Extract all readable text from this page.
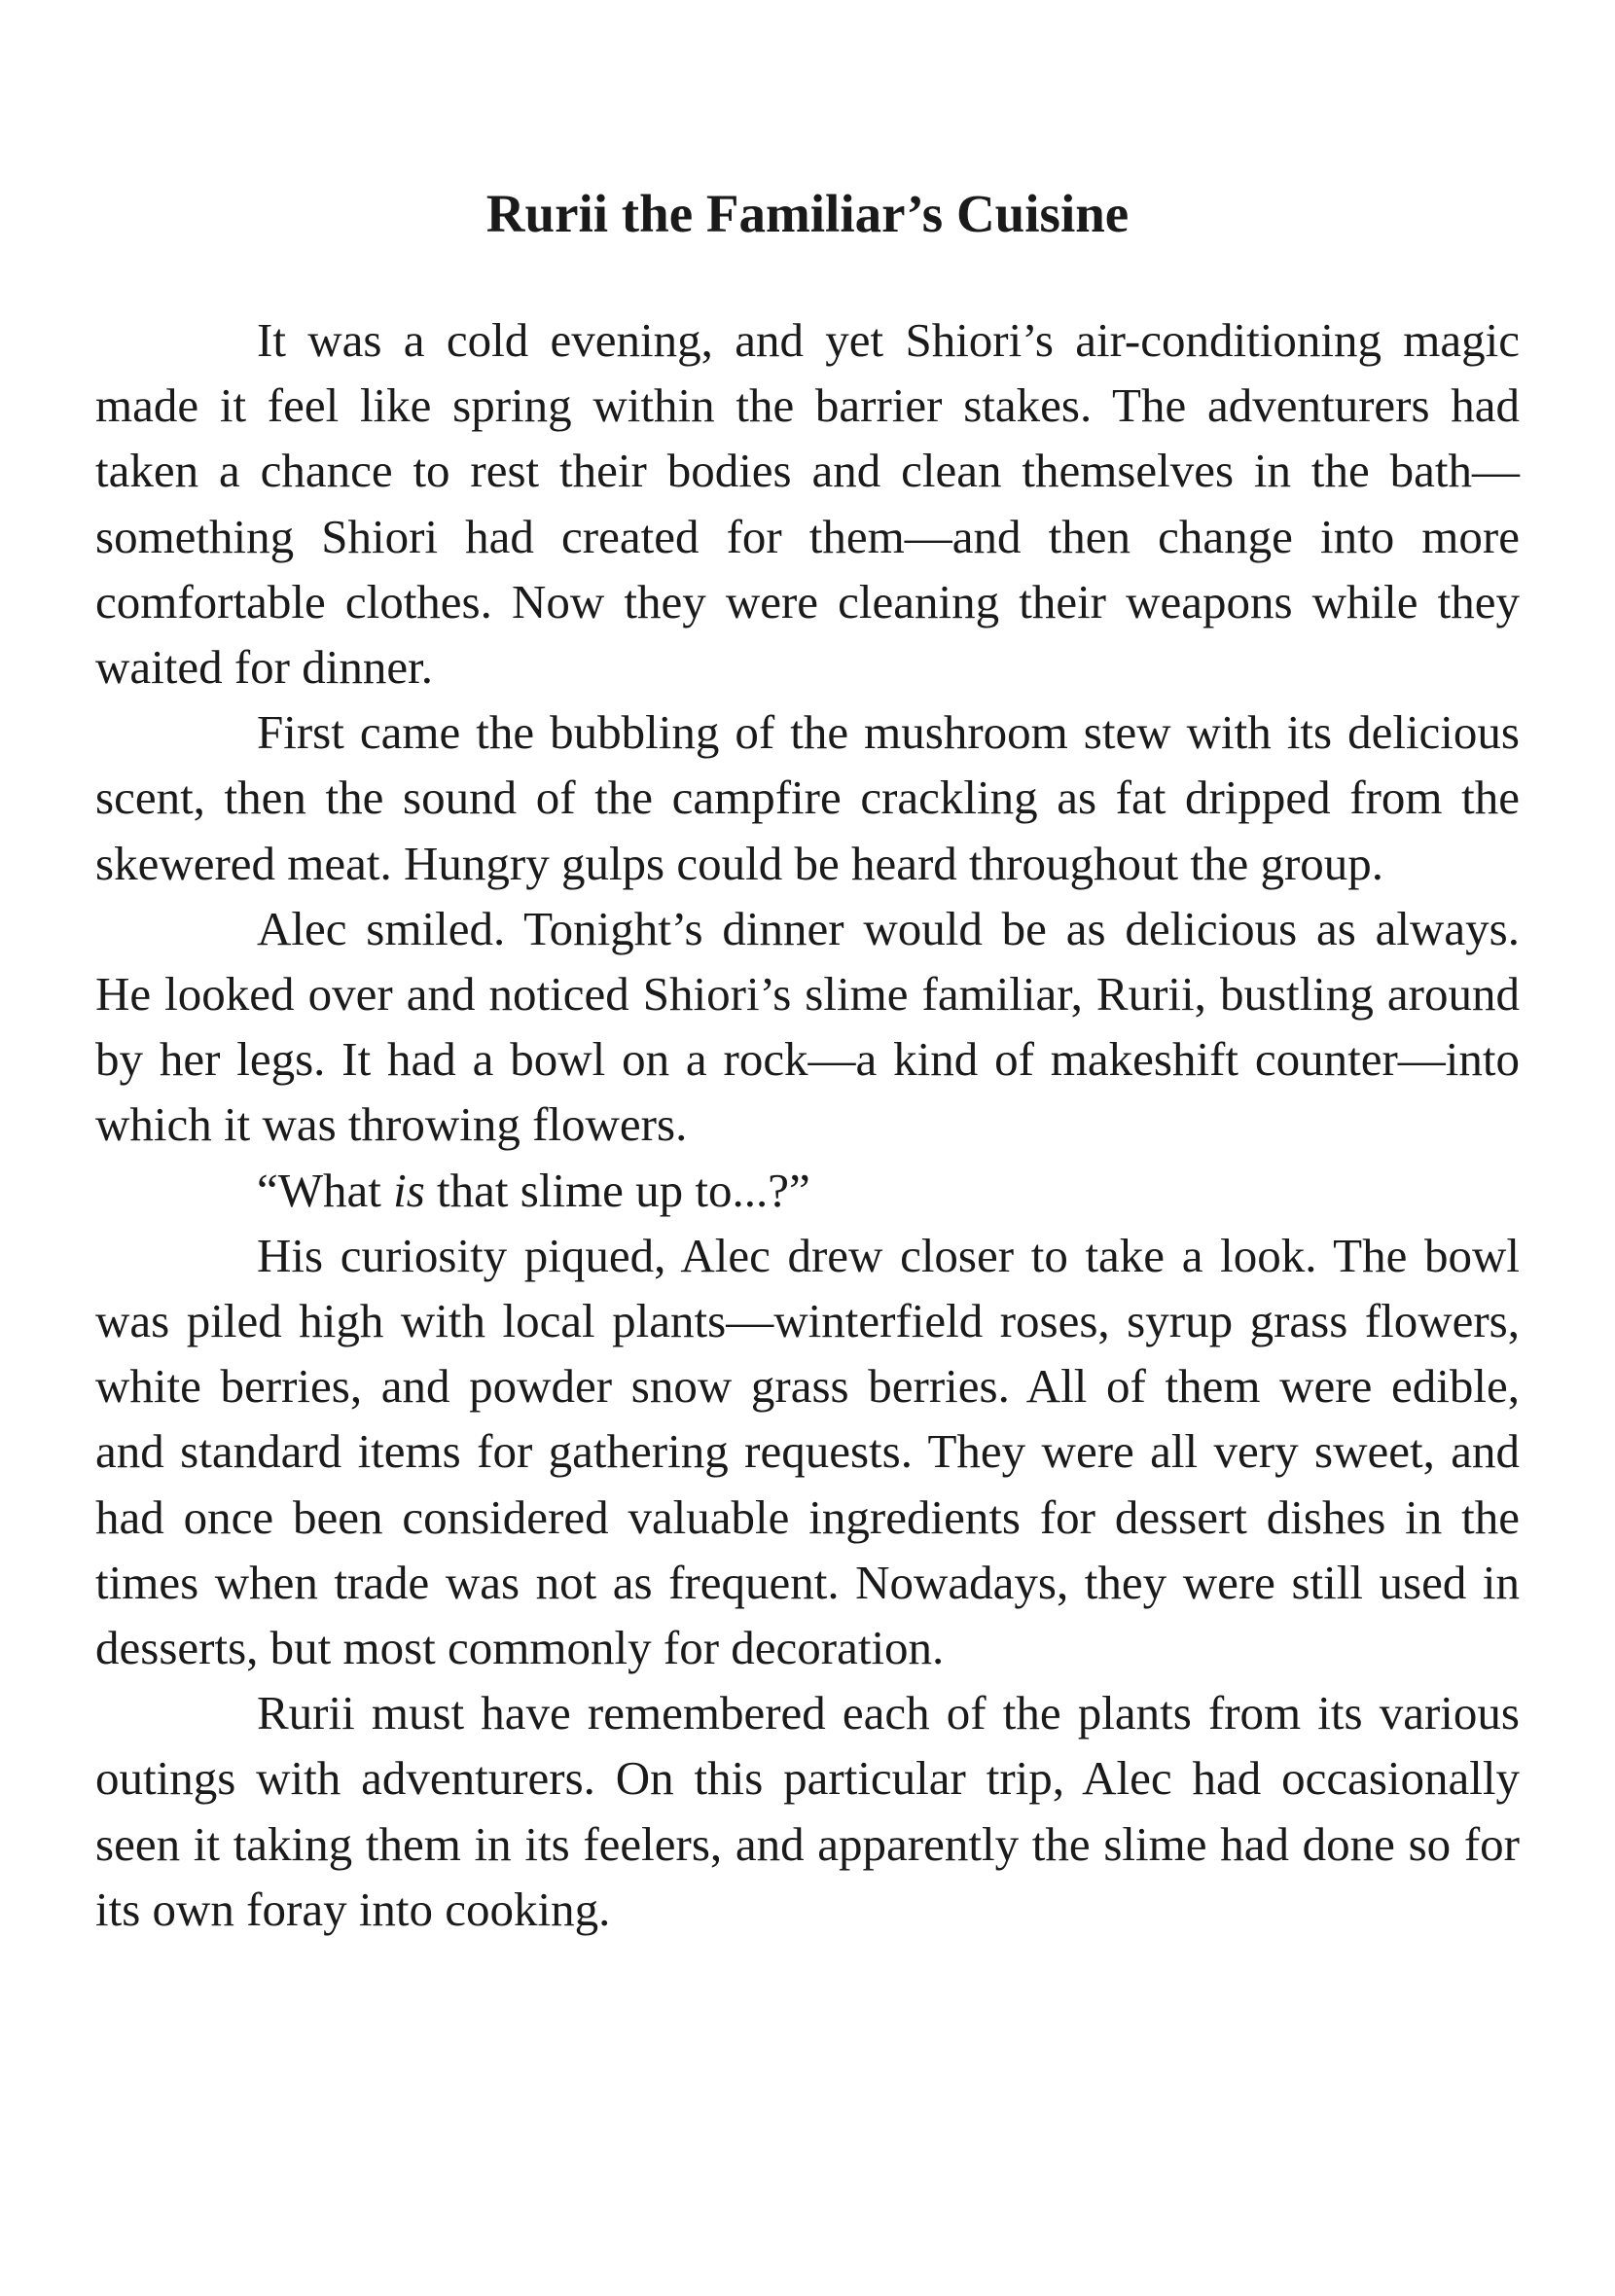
Rurii the Familiar’s Cuisine

It was a cold evening, and yet Shiori’s air-conditioning magic made it feel like spring within the barrier stakes. The adventurers had taken a chance to rest their bodies and clean themselves in the bath—something Shiori had created for them—and then change into more comfortable clothes. Now they were cleaning their weapons while they waited for dinner.

First came the bubbling of the mushroom stew with its delicious scent, then the sound of the campfire crackling as fat dripped from the skewered meat. Hungry gulps could be heard throughout the group.

Alec smiled. Tonight’s dinner would be as delicious as always. He looked over and noticed Shiori’s slime familiar, Rurii, bustling around by her legs. It had a bowl on a rock—a kind of makeshift counter—into which it was throwing flowers.

“What is that slime up to...?”

His curiosity piqued, Alec drew closer to take a look. The bowl was piled high with local plants—winterfield roses, syrup grass flowers, white berries, and powder snow grass berries. All of them were edible, and standard items for gathering requests. They were all very sweet, and had once been considered valuable ingredients for dessert dishes in the times when trade was not as frequent. Nowadays, they were still used in desserts, but most commonly for decoration.

Rurii must have remembered each of the plants from its various outings with adventurers. On this particular trip, Alec had occasionally seen it taking them in its feelers, and apparently the slime had done so for its own foray into cooking.
